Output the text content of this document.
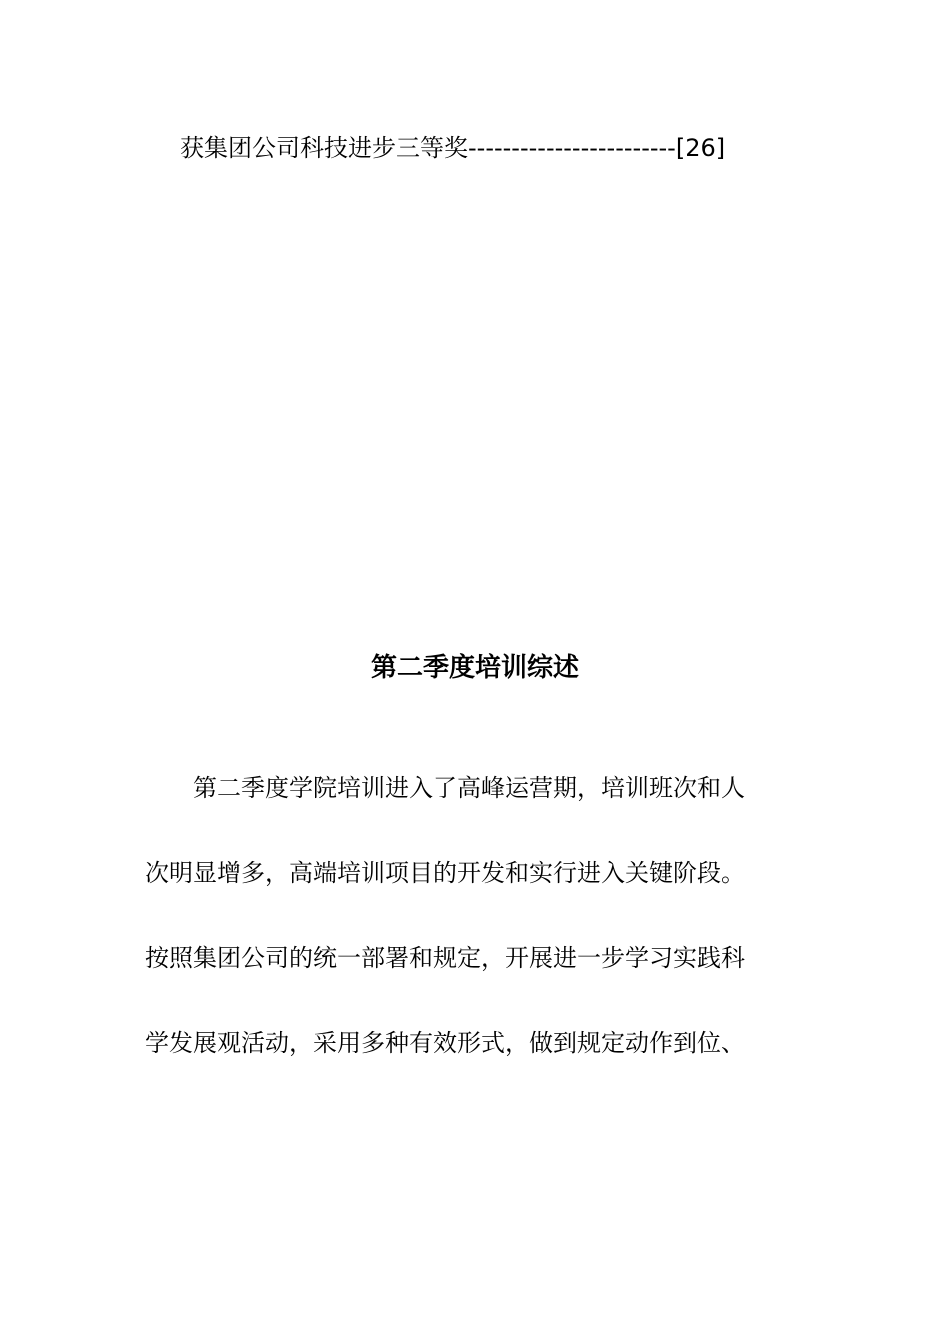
获集团公司科技进步三等奖------------------------[26]
第二季度培训综述
第二季度学院培训进入了高峰运营期，培训班次和人
次明显增多，高端培训项目的开发和实行进入关键阶段。
按照集团公司的统一部署和规定，开展进一步学习实践科
学发展观活动，采用多种有效形式，做到规定动作到位、
